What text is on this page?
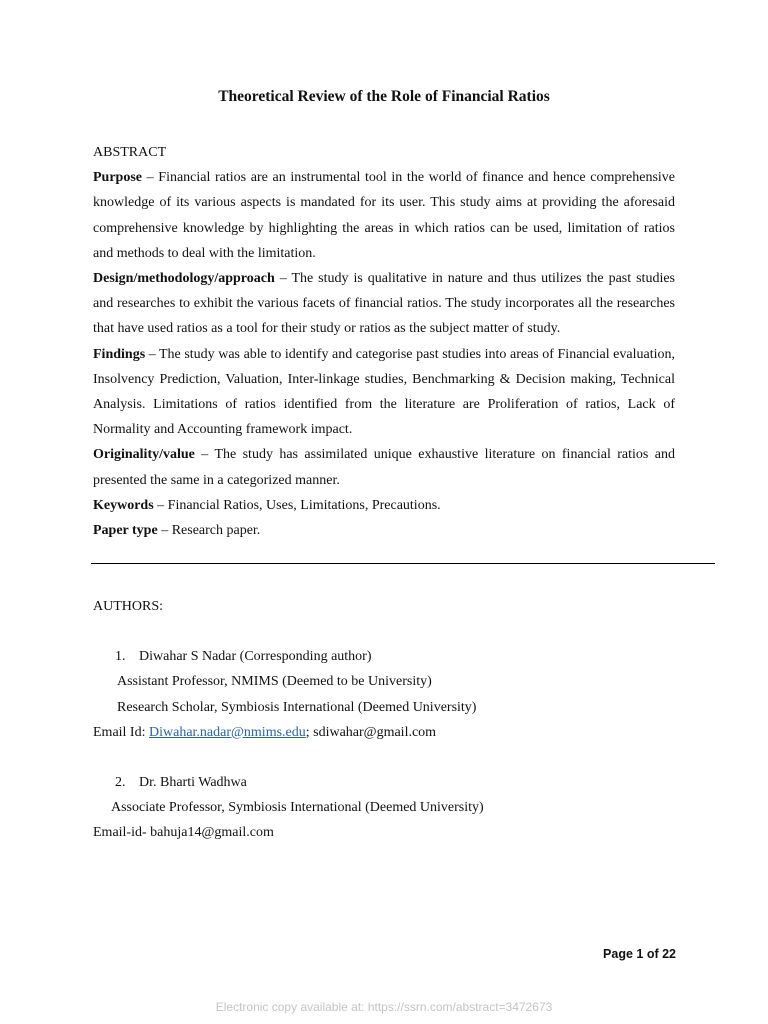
Theoretical Review of the Role of Financial Ratios

ABSTRACT

Purpose – Financial ratios are an instrumental tool in the world of finance and hence comprehensive knowledge of its various aspects is mandated for its user. This study aims at providing the aforesaid comprehensive knowledge by highlighting the areas in which ratios can be used, limitation of ratios and methods to deal with the limitation.

Design/methodology/approach – The study is qualitative in nature and thus utilizes the past studies and researches to exhibit the various facets of financial ratios. The study incorporates all the researches that have used ratios as a tool for their study or ratios as the subject matter of study.

Findings – The study was able to identify and categorise past studies into areas of Financial evaluation, Insolvency Prediction, Valuation, Inter-linkage studies, Benchmarking & Decision making, Technical Analysis. Limitations of ratios identified from the literature are Proliferation of ratios, Lack of Normality and Accounting framework impact.

Originality/value – The study has assimilated unique exhaustive literature on financial ratios and presented the same in a categorized manner.

Keywords – Financial Ratios, Uses, Limitations, Precautions.

Paper type – Research paper.

AUTHORS:

1. Diwahar S Nadar (Corresponding author)

Assistant Professor, NMIMS (Deemed to be University)

Research Scholar, Symbiosis International (Deemed University)

Email Id: Diwahar.nadar@nmims.edu; sdiwahar@gmail.com

2. Dr. Bharti Wadhwa

Associate Professor, Symbiosis International (Deemed University)

Email-id- bahuja14@gmail.com

Page 1 of 22
Electronic copy available at: https://ssrn.com/abstract=3472673
